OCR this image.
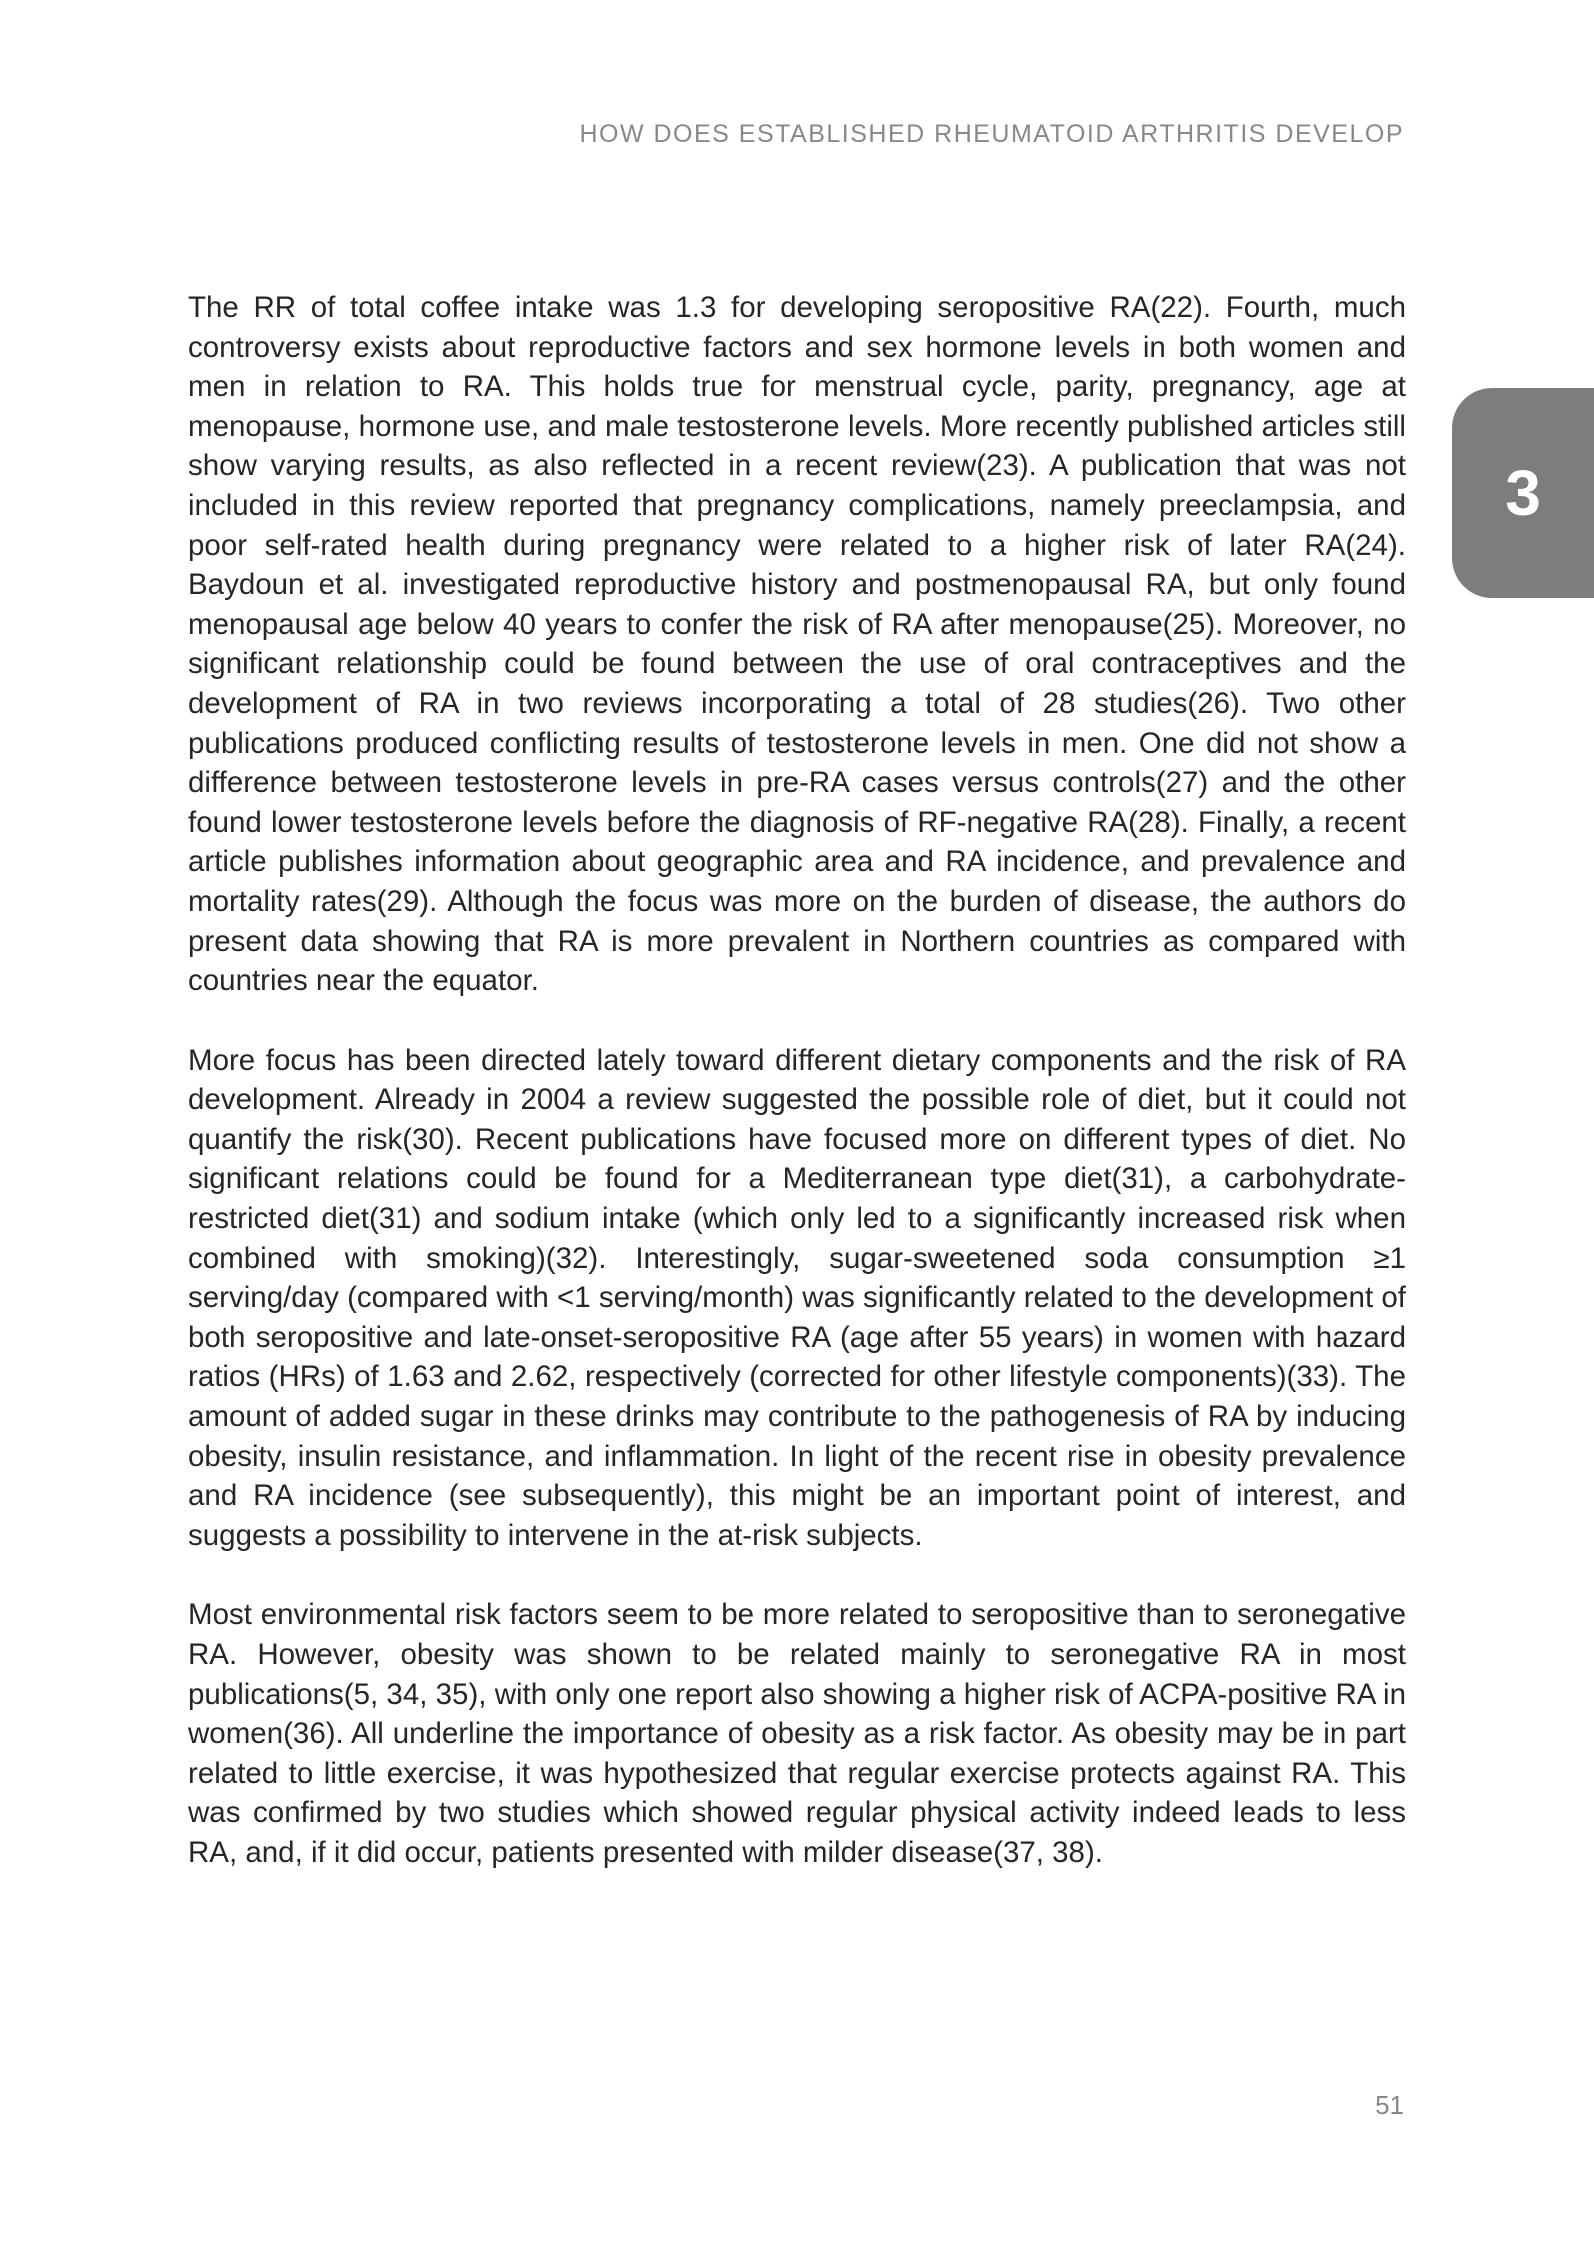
HOW DOES ESTABLISHED RHEUMATOID ARTHRITIS DEVELOP
3

The RR of total coffee intake was 1.3 for developing seropositive RA(22). Fourth, much controversy exists about reproductive factors and sex hormone levels in both women and men in relation to RA. This holds true for menstrual cycle, parity, pregnancy, age at menopause, hormone use, and male testosterone levels. More recently published articles still show varying results, as also reflected in a recent review(23). A publication that was not included in this review reported that pregnancy complications, namely preeclampsia, and poor self-rated health during pregnancy were related to a higher risk of later RA(24). Baydoun et al. investigated reproductive history and postmenopausal RA, but only found menopausal age below 40 years to confer the risk of RA after menopause(25). Moreover, no significant relationship could be found between the use of oral contraceptives and the development of RA in two reviews incorporating a total of 28 studies(26). Two other publications produced conflicting results of testosterone levels in men. One did not show a difference between testosterone levels in pre-RA cases versus controls(27) and the other found lower testosterone levels before the diagnosis of RF-negative RA(28). Finally, a recent article publishes information about geographic area and RA incidence, and prevalence and mortality rates(29). Although the focus was more on the burden of disease, the authors do present data showing that RA is more prevalent in Northern countries as compared with countries near the equator.

More focus has been directed lately toward different dietary components and the risk of RA development. Already in 2004 a review suggested the possible role of diet, but it could not quantify the risk(30). Recent publications have focused more on different types of diet. No significant relations could be found for a Mediterranean type diet(31), a carbohydrate-restricted diet(31) and sodium intake (which only led to a significantly increased risk when combined with smoking)(32). Interestingly, sugar-sweetened soda consumption ≥1 serving/day (compared with <1 serving/month) was significantly related to the development of both seropositive and late-onset-seropositive RA (age after 55 years) in women with hazard ratios (HRs) of 1.63 and 2.62, respectively (corrected for other lifestyle components)(33). The amount of added sugar in these drinks may contribute to the pathogenesis of RA by inducing obesity, insulin resistance, and inflammation. In light of the recent rise in obesity prevalence and RA incidence (see subsequently), this might be an important point of interest, and suggests a possibility to intervene in the at-risk subjects.

Most environmental risk factors seem to be more related to seropositive than to seronegative RA. However, obesity was shown to be related mainly to seronegative RA in most publications(5, 34, 35), with only one report also showing a higher risk of ACPA-positive RA in women(36). All underline the importance of obesity as a risk factor. As obesity may be in part related to little exercise, it was hypothesized that regular exercise protects against RA. This was confirmed by two studies which showed regular physical activity indeed leads to less RA, and, if it did occur, patients presented with milder disease(37, 38).

51
